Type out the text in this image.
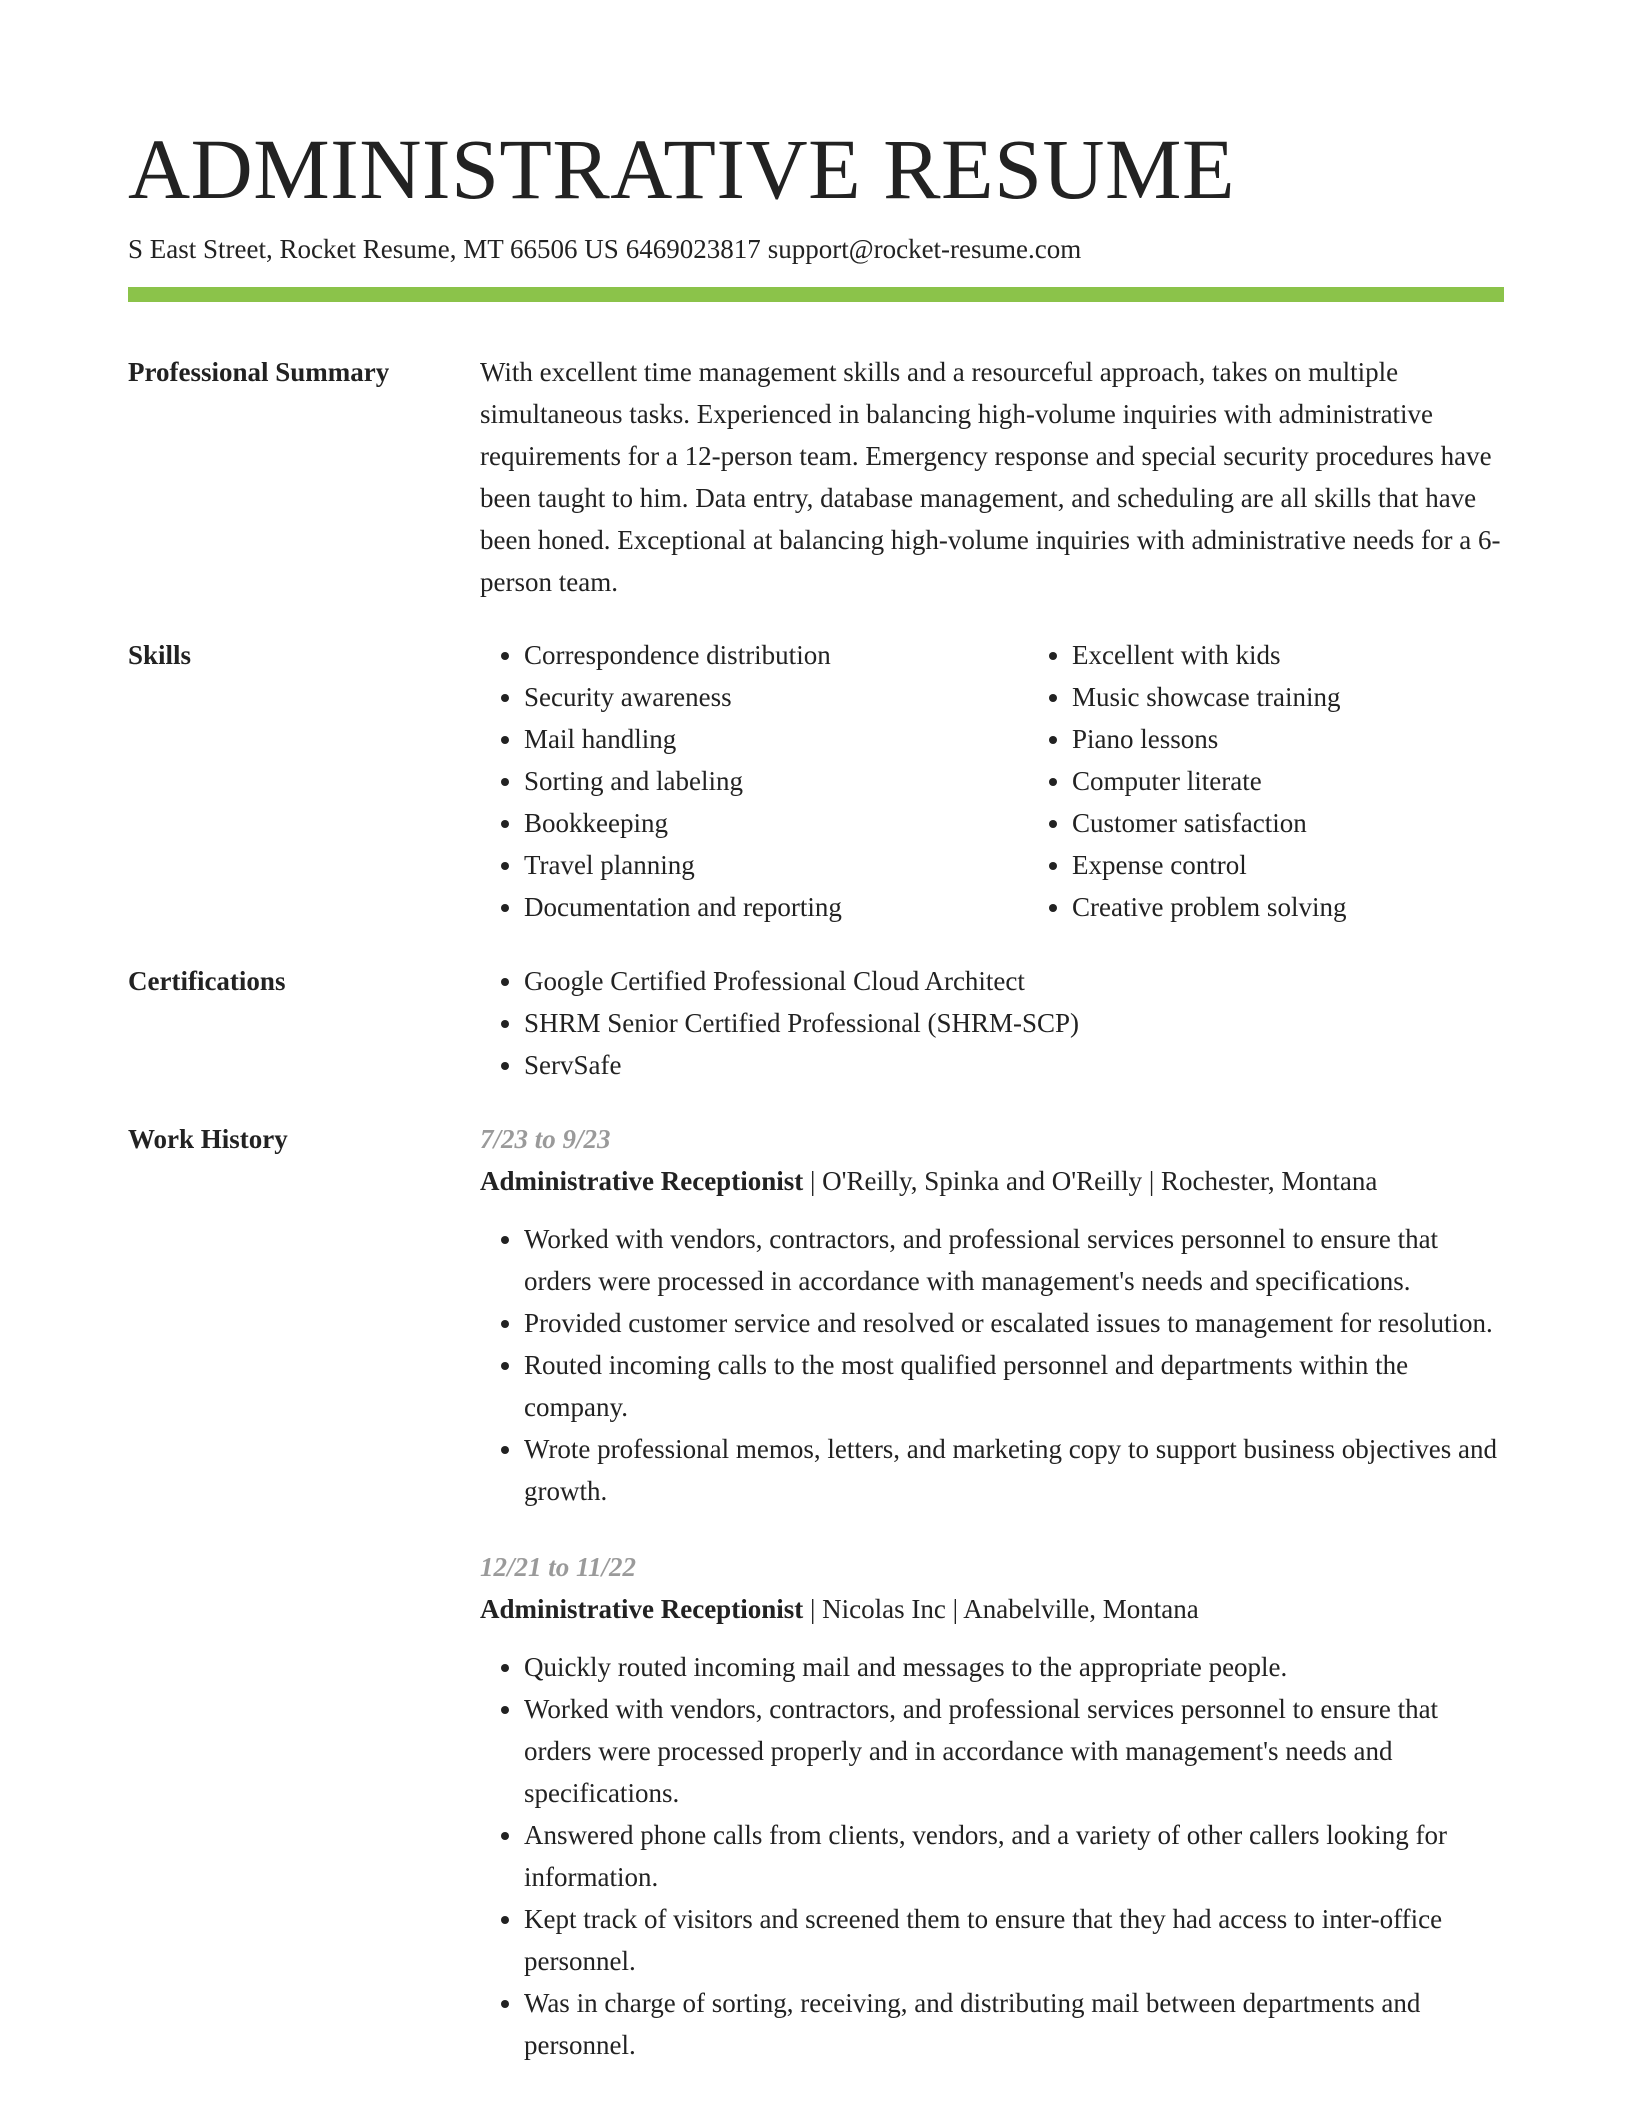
ADMINISTRATIVE RESUME
S East Street, Rocket Resume, MT 66506 US 6469023817 support@rocket-resume.com
Professional Summary	With excellent time management skills and a resourceful approach, takes on multiple simultaneous tasks. Experienced in balancing high-volume inquiries with administrative requirements for a 12-person team. Emergency response and special security procedures have been taught to him. Data entry, database management, and scheduling are all skills that have been honed. Exceptional at balancing high-volume inquiries with administrative needs for a 6-person team.
Skills	• Correspondence distribution
• Security awareness
• Mail handling
• Sorting and labeling
• Bookkeeping
• Travel planning
• Documentation and reporting
• Excellent with kids
• Music showcase training
• Piano lessons
• Computer literate
• Customer satisfaction
• Expense control
• Creative problem solving
Certifications	• Google Certified Professional Cloud Architect
• SHRM Senior Certified Professional (SHRM-SCP)
• ServSafe
Work History	7/23 to 9/23
Administrative Receptionist | O'Reilly, Spinka and O'Reilly | Rochester, Montana
• Worked with vendors, contractors, and professional services personnel to ensure that orders were processed in accordance with management's needs and specifications.
• Provided customer service and resolved or escalated issues to management for resolution.
• Routed incoming calls to the most qualified personnel and departments within the company.
• Wrote professional memos, letters, and marketing copy to support business objectives and growth.
12/21 to 11/22
Administrative Receptionist | Nicolas Inc | Anabelville, Montana
• Quickly routed incoming mail and messages to the appropriate people.
• Worked with vendors, contractors, and professional services personnel to ensure that orders were processed properly and in accordance with management's needs and specifications.
• Answered phone calls from clients, vendors, and a variety of other callers looking for information.
• Kept track of visitors and screened them to ensure that they had access to inter-office personnel.
• Was in charge of sorting, receiving, and distributing mail between departments and personnel.
